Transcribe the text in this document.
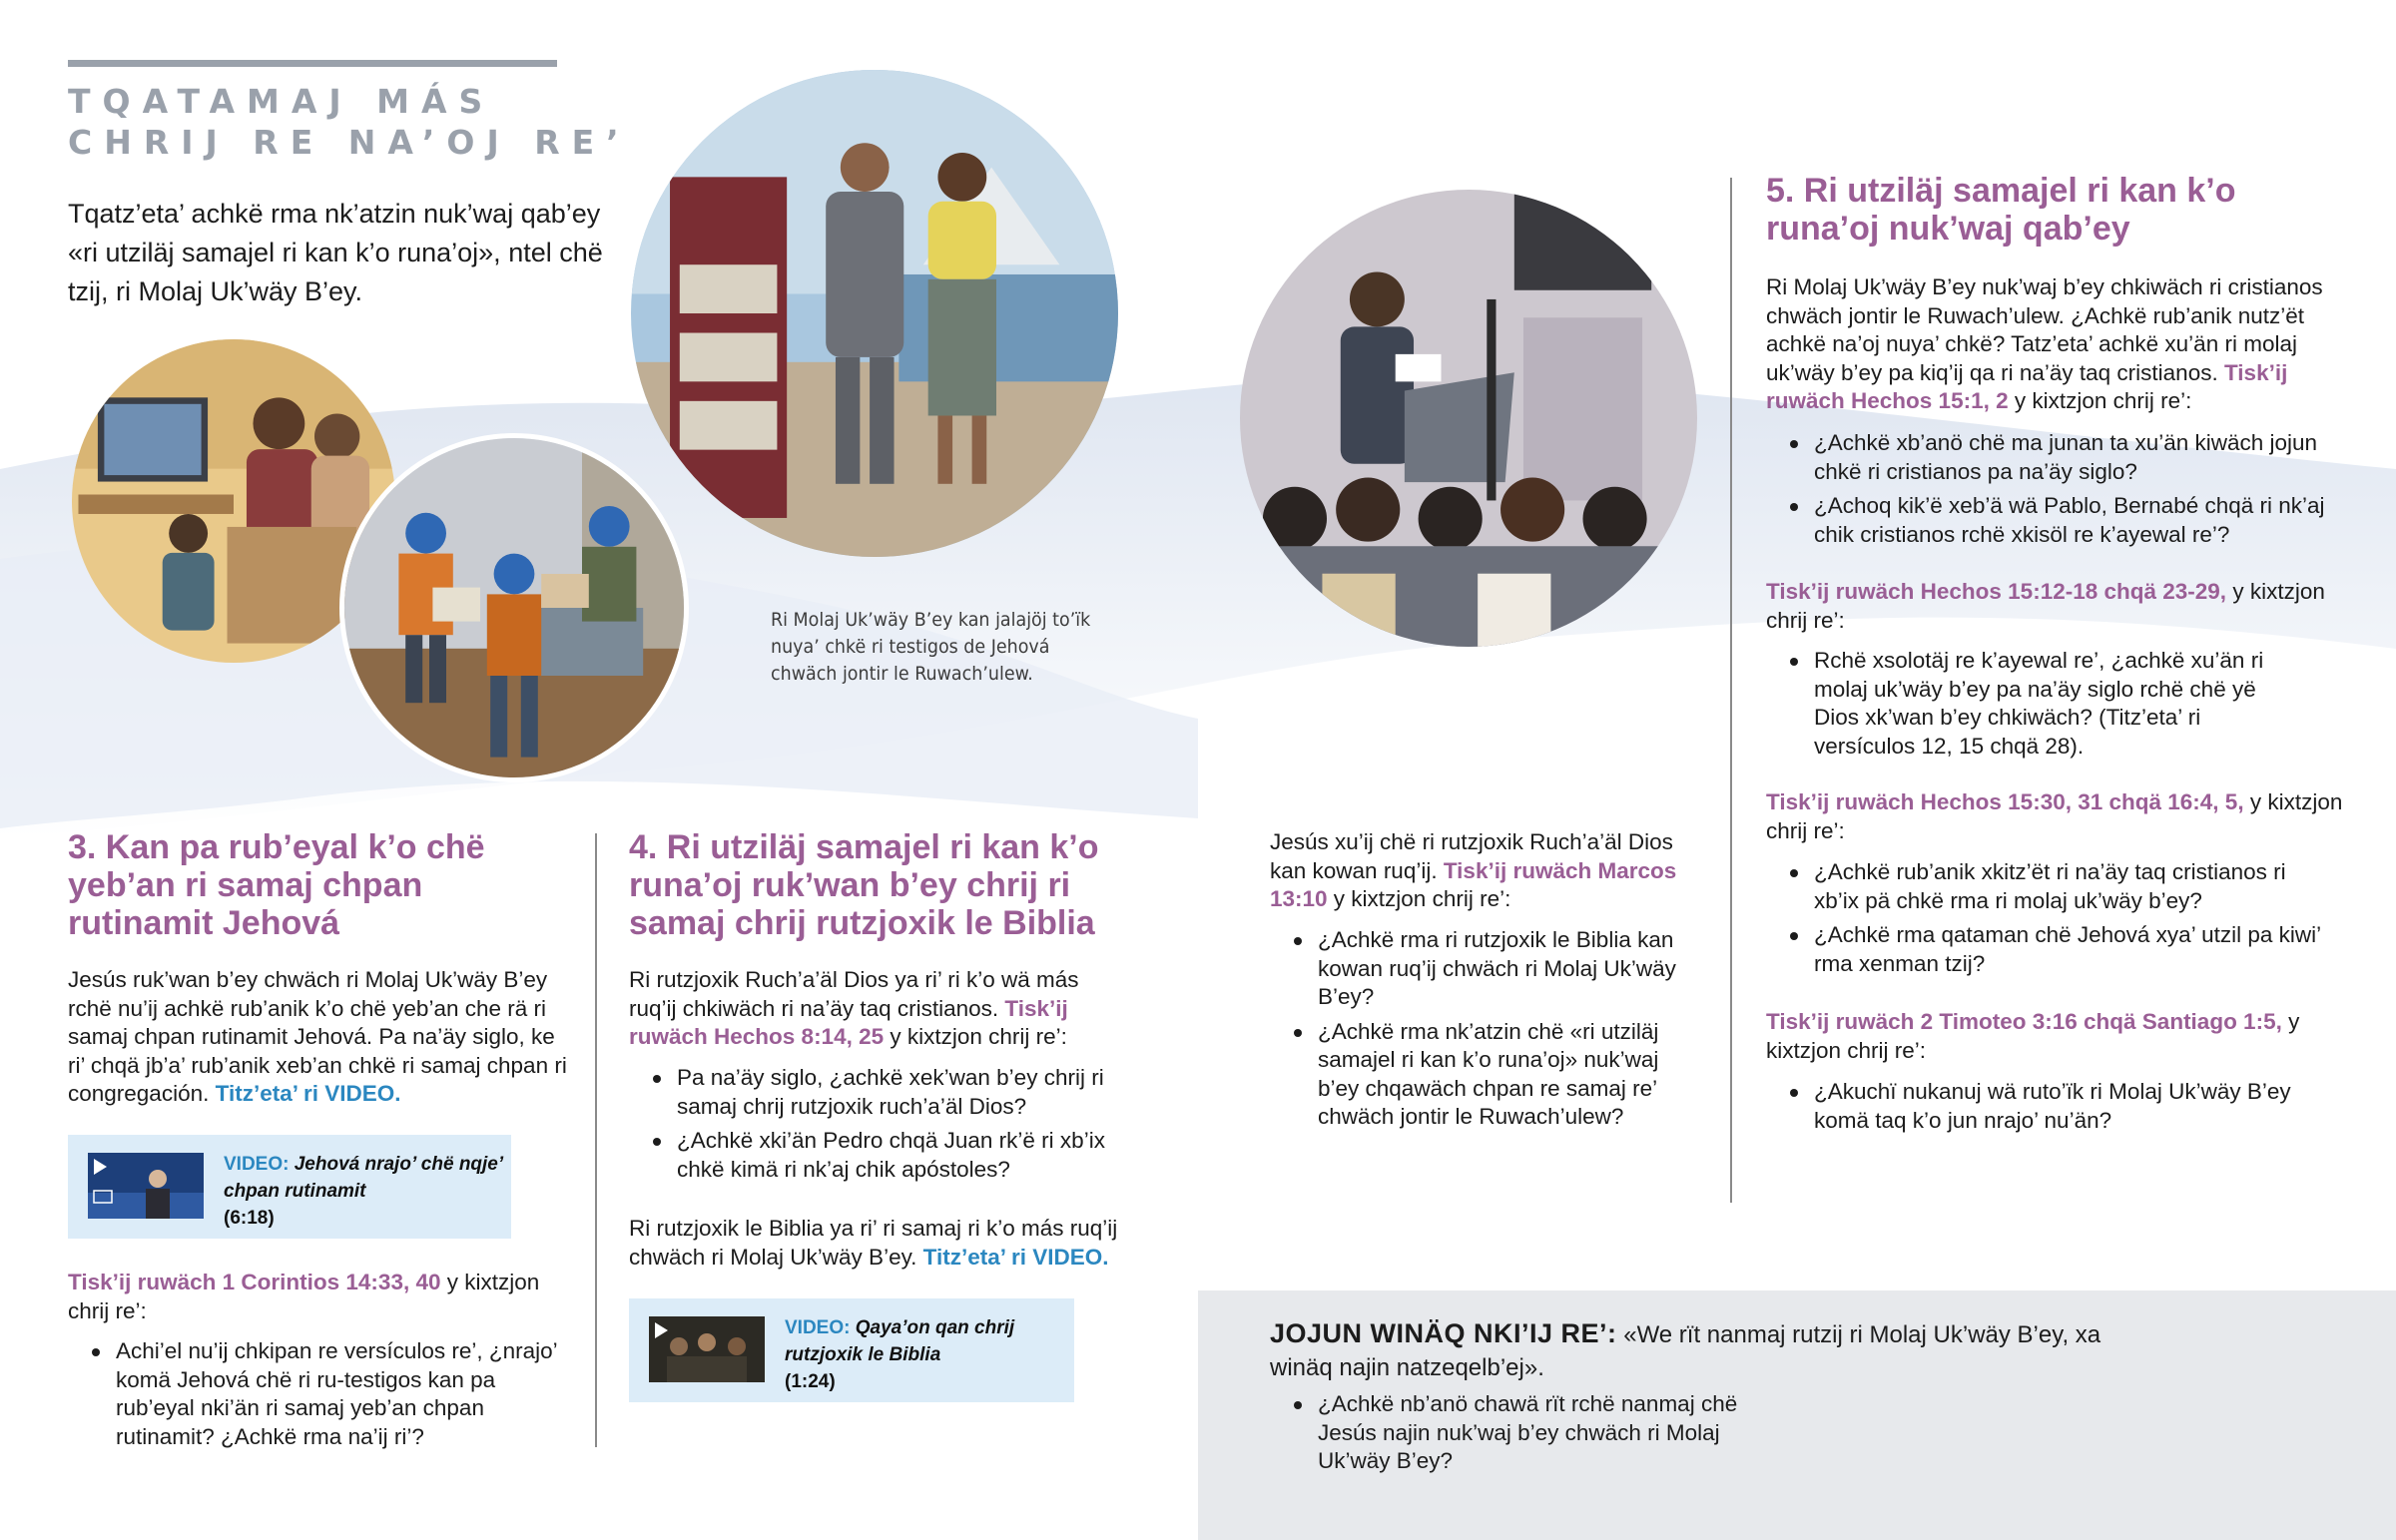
TQATAMAJ MÁS
CHRIJ RE NA’OJ RE’
Tqatz’eta’ achkë rma nk’atzin nuk’waj qab’ey «ri utziläj samajel ri kan k’o runa’oj», ntel chë tzij, ri Molaj Uk’wäy B’ey.
Ri Molaj Uk’wäy B’ey kan jalajöj to’ïk nuya’ chkë ri testigos de Jehová chwäch jontir le Ruwach’ulew.
3. Kan pa rub’eyal k’o chë yeb’an ri samaj chpan rutinamit Jehová
Jesús ruk’wan b’ey chwäch ri Molaj Uk’wäy B’ey rchë nu’ij achkë rub’anik k’o chë yeb’an che rä ri samaj chpan rutinamit Jehová. Pa na’äy siglo, ke ri’ chqä jb’a’ rub’anik xeb’an chkë ri samaj chpan ri congregación. Titz’eta’ ri VIDEO.
VIDEO: Jehová nrajo’ chë nqje’ chpan rutinamit
(6:18)
Tisk’ij ruwäch 1 Corintios 14:33, 40 y kixtzjon chrij re’:
Achi’el nu’ij chkipan re versículos re’, ¿nrajo’ komä Jehová chë ri ru-testigos kan pa rub’eyal nki’än ri samaj yeb’an chpan rutinamit? ¿Achkë rma na’ij ri’?
4. Ri utziläj samajel ri kan k’o runa’oj ruk’wan b’ey chrij ri samaj chrij rutzjoxik le Biblia
Ri rutzjoxik Ruch’a’äl Dios ya ri’ ri k’o wä más ruq’ij chkiwäch ri na’äy taq cristianos. Tisk’ij ruwäch Hechos 8:14, 25 y kixtzjon chrij re’:
Pa na’äy siglo, ¿achkë xek’wan b’ey chrij ri samaj chrij rutzjoxik ruch’a’äl Dios?
¿Achkë xki’än Pedro chqä Juan rk’ë ri xb’ix chkë kimä ri nk’aj chik apóstoles?
Ri rutzjoxik le Biblia ya ri’ ri samaj ri k’o más ruq’ij chwäch ri Molaj Uk’wäy B’ey. Titz’eta’ ri VIDEO.
VIDEO: Qaya’on qan chrij rutzjoxik le Biblia
(1:24)
Jesús xu’ij chë ri rutzjoxik Ruch’a’äl Dios kan kowan ruq’ij. Tisk’ij ruwäch Marcos 13:10 y kixtzjon chrij re’:
¿Achkë rma ri rutzjoxik le Biblia kan kowan ruq’ij chwäch ri Molaj Uk’wäy B’ey?
¿Achkë rma nk’atzin chë «ri utziläj samajel ri kan k’o runa’oj» nuk’waj b’ey chqawäch chpan re samaj re’ chwäch jontir le Ruwach’ulew?
5. Ri utziläj samajel ri kan k’o runa’oj nuk’waj qab’ey
Ri Molaj Uk’wäy B’ey nuk’waj b’ey chkiwäch ri cristianos chwäch jontir le Ruwach’ulew. ¿Achkë rub’anik nutz’ët achkë na’oj nuya’ chkë? Tatz’eta’ achkë xu’än ri molaj uk’wäy b’ey pa kiq’ij qa ri na’äy taq cristianos. Tisk’ij ruwäch Hechos 15:1, 2 y kixtzjon chrij re’:
¿Achkë xb’anö chë ma junan ta xu’än kiwäch jojun chkë ri cristianos pa na’äy siglo?
¿Achoq kik’ë xeb’ä wä Pablo, Bernabé chqä ri nk’aj chik cristianos rchë xkisöl re k’ayewal re’?
Tisk’ij ruwäch Hechos 15:12-18 chqä 23-29, y kixtzjon chrij re’:
Rchë xsolotäj re k’ayewal re’, ¿achkë xu’än ri molaj uk’wäy b’ey pa na’äy siglo rchë chë yë Dios xk’wan b’ey chkiwäch? (Titz’eta’ ri versículos 12, 15 chqä 28).
Tisk’ij ruwäch Hechos 15:30, 31 chqä 16:4, 5, y kixtzjon chrij re’:
¿Achkë rub’anik xkitz’ët ri na’äy taq cristianos ri xb’ix pä chkë rma ri molaj uk’wäy b’ey?
¿Achkë rma qataman chë Jehová xya’ utzil pa kiwi’ rma xenman tzij?
Tisk’ij ruwäch 2 Timoteo 3:16 chqä Santiago 1:5, y kixtzjon chrij re’:
¿Akuchï nukanuj wä ruto’ïk ri Molaj Uk’wäy B’ey komä taq k’o jun nrajo’ nu’än?
JOJUN WINÄQ NKI’IJ RE’: «We rït nanmaj rutzij ri Molaj Uk’wäy B’ey, xa winäq najin natzeqelb’ej».
¿Achkë nb’anö chawä rït rchë nanmaj chë Jesús najin nuk’waj b’ey chwäch ri Molaj Uk’wäy B’ey?
